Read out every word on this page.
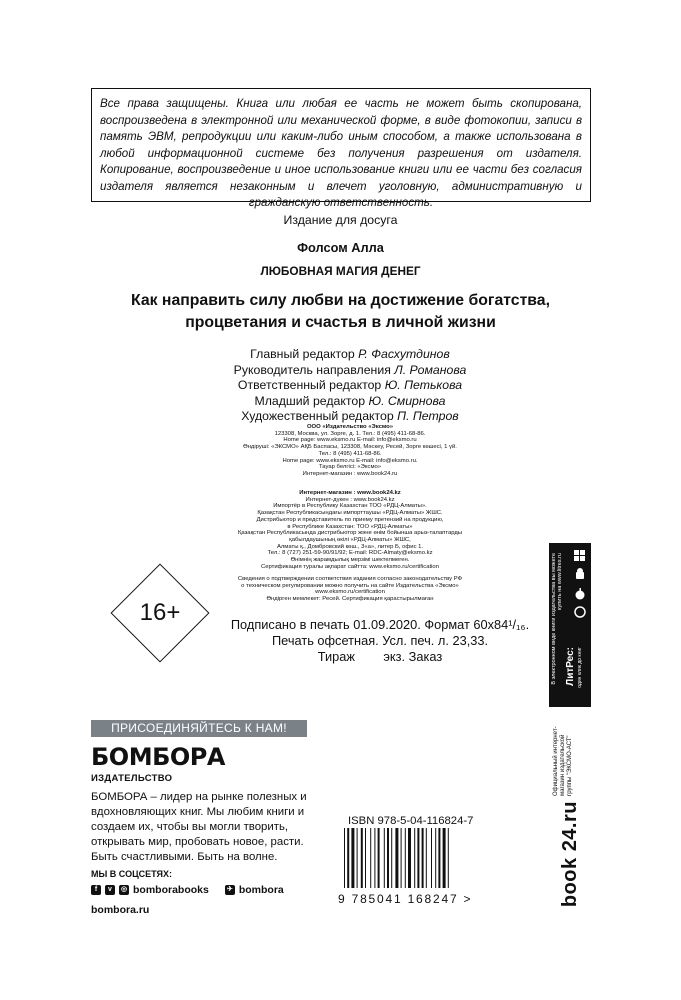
Все права защищены. Книга или любая ее часть не может быть скопирована, воспроизведена в электронной или механической форме, в виде фотокопии, записи в память ЭВМ, репродукции или каким-либо иным способом, а также использована в любой информационной системе без получения разрешения от издателя. Копирование, воспроизведение и иное использование книги или ее части без согласия издателя является незаконным и влечет уголовную, административную и гражданскую ответственность.
Издание для досуга
Фолсом Алла
ЛЮБОВНАЯ МАГИЯ ДЕНЕГ
Как направить силу любви на достижение богатства, процветания и счастья в личной жизни
Главный редактор Р. Фасхутдинов
Руководитель направления Л. Романова
Ответственный редактор Ю. Петькова
Младший редактор Ю. Смирнова
Художественный редактор П. Петров

ООО «Издательство «Эксмо»

123308, Москва, ул. Зорге, д. 1. Тел.: 8 (495) 411-68-86.

Home page: www.eksmo.ru E-mail: info@eksmo.ru

Өндіруші: «ЭКСМО» АҚБ Баспасы, 123308, Мәскеу, Ресей, Зорге көшесі, 1 үй.

Тел.: 8 (495) 411-68-86.

Home page: www.eksmo.ru E-mail: info@eksmo.ru.

Тауар белгісі: «Эксмо»

Интернет-магазин : www.book24.ru

Интернет-магазин : www.book24.kz

Интернет-дүкен : www.book24.kz

Импортёр в Республику Казахстан ТОО «РДЦ-Алматы».

Қазақстан Республикасындағы импорттаушы «РДЦ-Алматы» ЖШС.

Дистрибьютор и представитель по приему претензий на продукцию,

в Республике Казахстан: ТОО «РДЦ-Алматы»

Қазақстан Республикасында дистрибьютор және өнім бойынша арыз-талаптарды

қабылдаушының өкілі «РДЦ-Алматы» ЖШС,

Алматы қ., Домбровский көш., 3«а», литер Б, офис 1.

Тел.: 8 (727) 251-59-90/91/92; E-mail: RDC-Almaty@eksmo.kz

Өнімнің жарамдылық мерзімі шектелмеген.

Сертификация туралы ақпарат сайтта: www.eksmo.ru/certification

Сведения о подтверждении соответствия издания согласно законодательству РФ

о техническом регулировании можно получить на сайте Издательства «Эксмо»

www.eksmo.ru/certification

Өндірген мемлекет: Ресей. Сертификация қарастырылмаған

16+	Подписано в печать 01.09.2020. Формат 60x84¹/₁₆.
Печать офсетная. Усл. печ. л. 23,33.
Тираж        экз. Заказ	В электронном виде книги издательства вы можете купить на www.litres.ru
ЛитРес: один клик до книг
Официальный интернет-магазин издательской группы "ЭКСМО-АСТ"
book 24.ru
ПРИСОЕДИНЯЙТЕСЬ К НАМ!
БОМБОРА
ИЗДАТЕЛЬСТВО
БОМБОРА – лидер на рынке полезных и вдохновляющих книг. Мы любим книги и создаем их, чтобы вы могли творить, открывать мир, пробовать новое, расти. Быть счастливыми. Быть на волне.
МЫ В СОЦСЕТЯХ:
f	v	◎ bomborabooks	✈ bombora
bombora.ru
ISBN 978-5-04-116824-7
9 785041 168247 >
